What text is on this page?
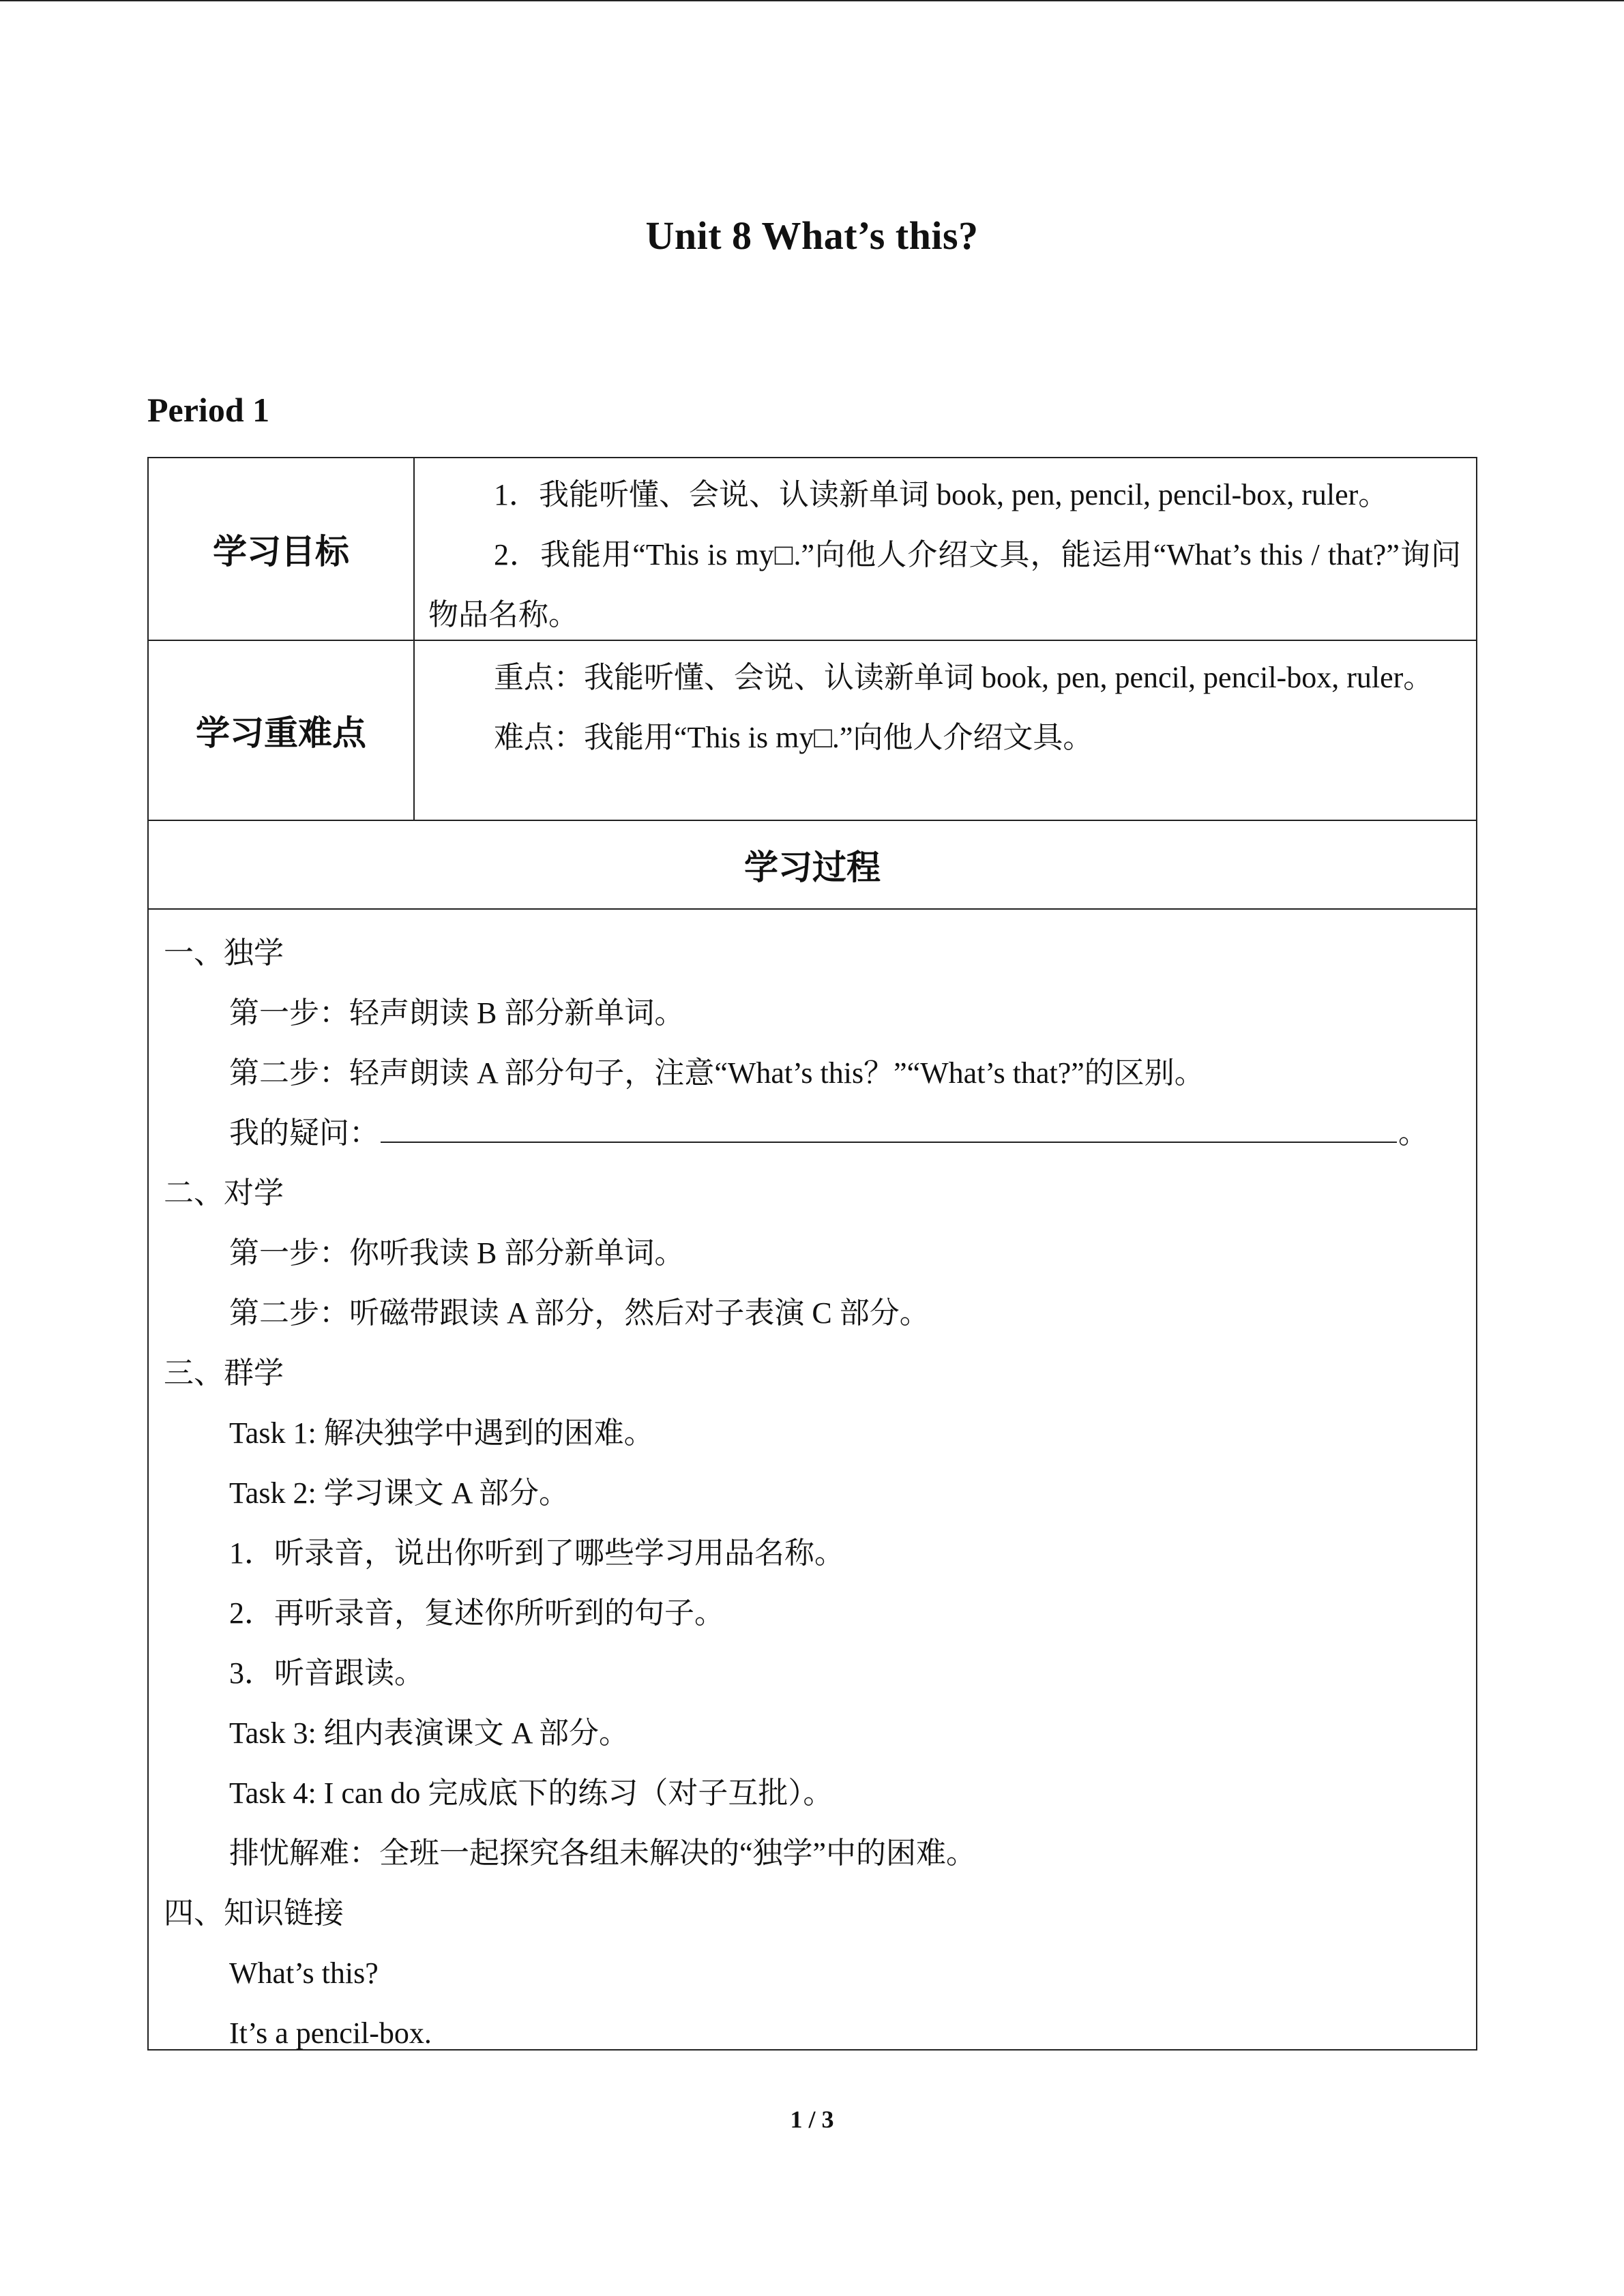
Unit 8 What’s this?
Period 1
学习目标
1．我能听懂、会说、认读新单词 book, pen, pencil, pencil-box, ruler。
2．我能用“This is my□.”向他人介绍文具，能运用“What’s this / that?”询问物品名称。
学习重难点
重点：我能听懂、会说、认读新单词 book, pen, pencil, pencil-box, ruler。
难点：我能用“This is my□.”向他人介绍文具。
学习过程
一、独学
第一步：轻声朗读 B 部分新单词。
第二步：轻声朗读 A 部分句子，注意“What’s this？”“What’s that?”的区别。
我的疑问：	。
二、对学
第一步：你听我读 B 部分新单词。
第二步：听磁带跟读 A 部分，然后对子表演 C 部分。
三、群学
Task 1: 解决独学中遇到的困难。
Task 2: 学习课文 A 部分。
1．听录音，说出你听到了哪些学习用品名称。
2．再听录音，复述你所听到的句子。
3．听音跟读。
Task 3: 组内表演课文 A 部分。
Task 4: I can do 完成底下的练习（对子互批）。
排忧解难：全班一起探究各组未解决的“独学”中的困难。
四、知识链接
What’s this?
It’s a pencil-box.
1 / 3
